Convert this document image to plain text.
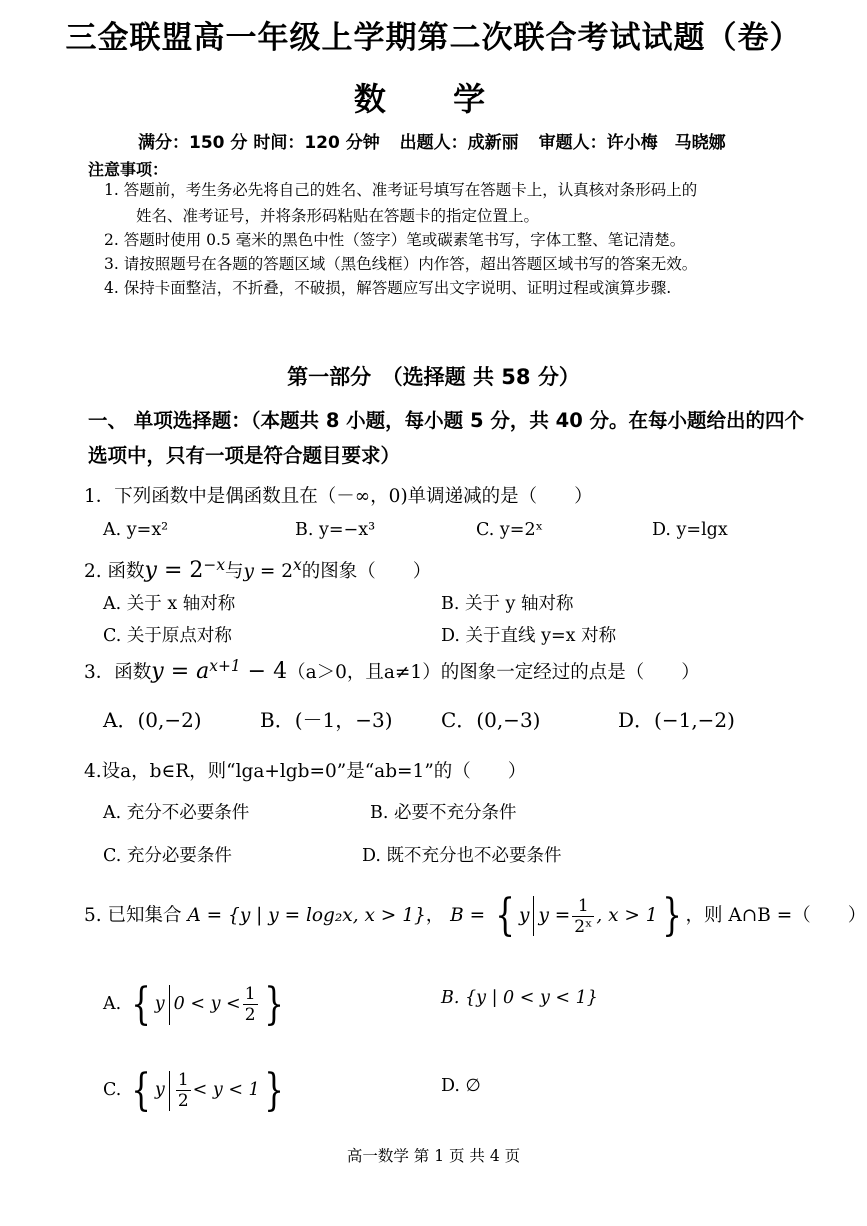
三金联盟高一年级上学期第二次联合考试试题（卷）
数 学
满分：150 分 时间：120 分钟 出题人：成新丽 审题人：许小梅　马晓娜
注意事项：
1. 答题前，考生务必先将自己的姓名、准考证号填写在答题卡上，认真核对条形码上的
姓名、准考证号，并将条形码粘贴在答题卡的指定位置上。
2. 答题时使用 0.5 毫米的黑色中性（签字）笔或碳素笔书写，字体工整、笔记清楚。
3. 请按照题号在各题的答题区域（黑色线框）内作答，超出答题区域书写的答案无效。
4. 保持卡面整洁，不折叠，不破损，解答题应写出文字说明、证明过程或演算步骤.
第一部分　（选择题 共 58 分）
一、 单项选择题：（本题共 8 小题，每小题 5 分，共 40 分。在每小题给出的四个选项中，只有一项是符合题目要求）
1．下列函数中是偶函数且在（－∞，0)单调递减的是（　　）
A. y=x²	B. y=−x³	C. y=2ˣ	D. y=lgx
2. 函数$y = 2^{-x}$与$y = 2^x$的图象（　　）
A. 关于 x 轴对称	B. 关于 y 轴对称
C. 关于原点对称	D. 关于直线 y=x 对称
3．函数$y = a^{x+1} - 4(a>0$，且a≠1）的图象一定经过的点是（　　）
A．(0,−2)	B．(－1，−3) C．(0,−3)	D．(−1,−2)
4.设a，b∈R，则“lga+lgb=0”是“ab=1”的（　　）
A. 充分不必要条件	B. 必要不充分条件
C. 充分必要条件	D. 既不充分也不必要条件
5. 已知集合 A = {y | y = log₂x, x > 1}， B = { y $y = \frac{1}{\text{2ˣ}}$ , x > 1} ，则 A∩B =（　　）
A. { y $0 < y < \frac{1}{2}$ }	B. {y | 0 < y < 1}
C. { y $\frac{1}{2} < y < 1$}	D. ∅
高一数学 第 1 页 共 4 页
